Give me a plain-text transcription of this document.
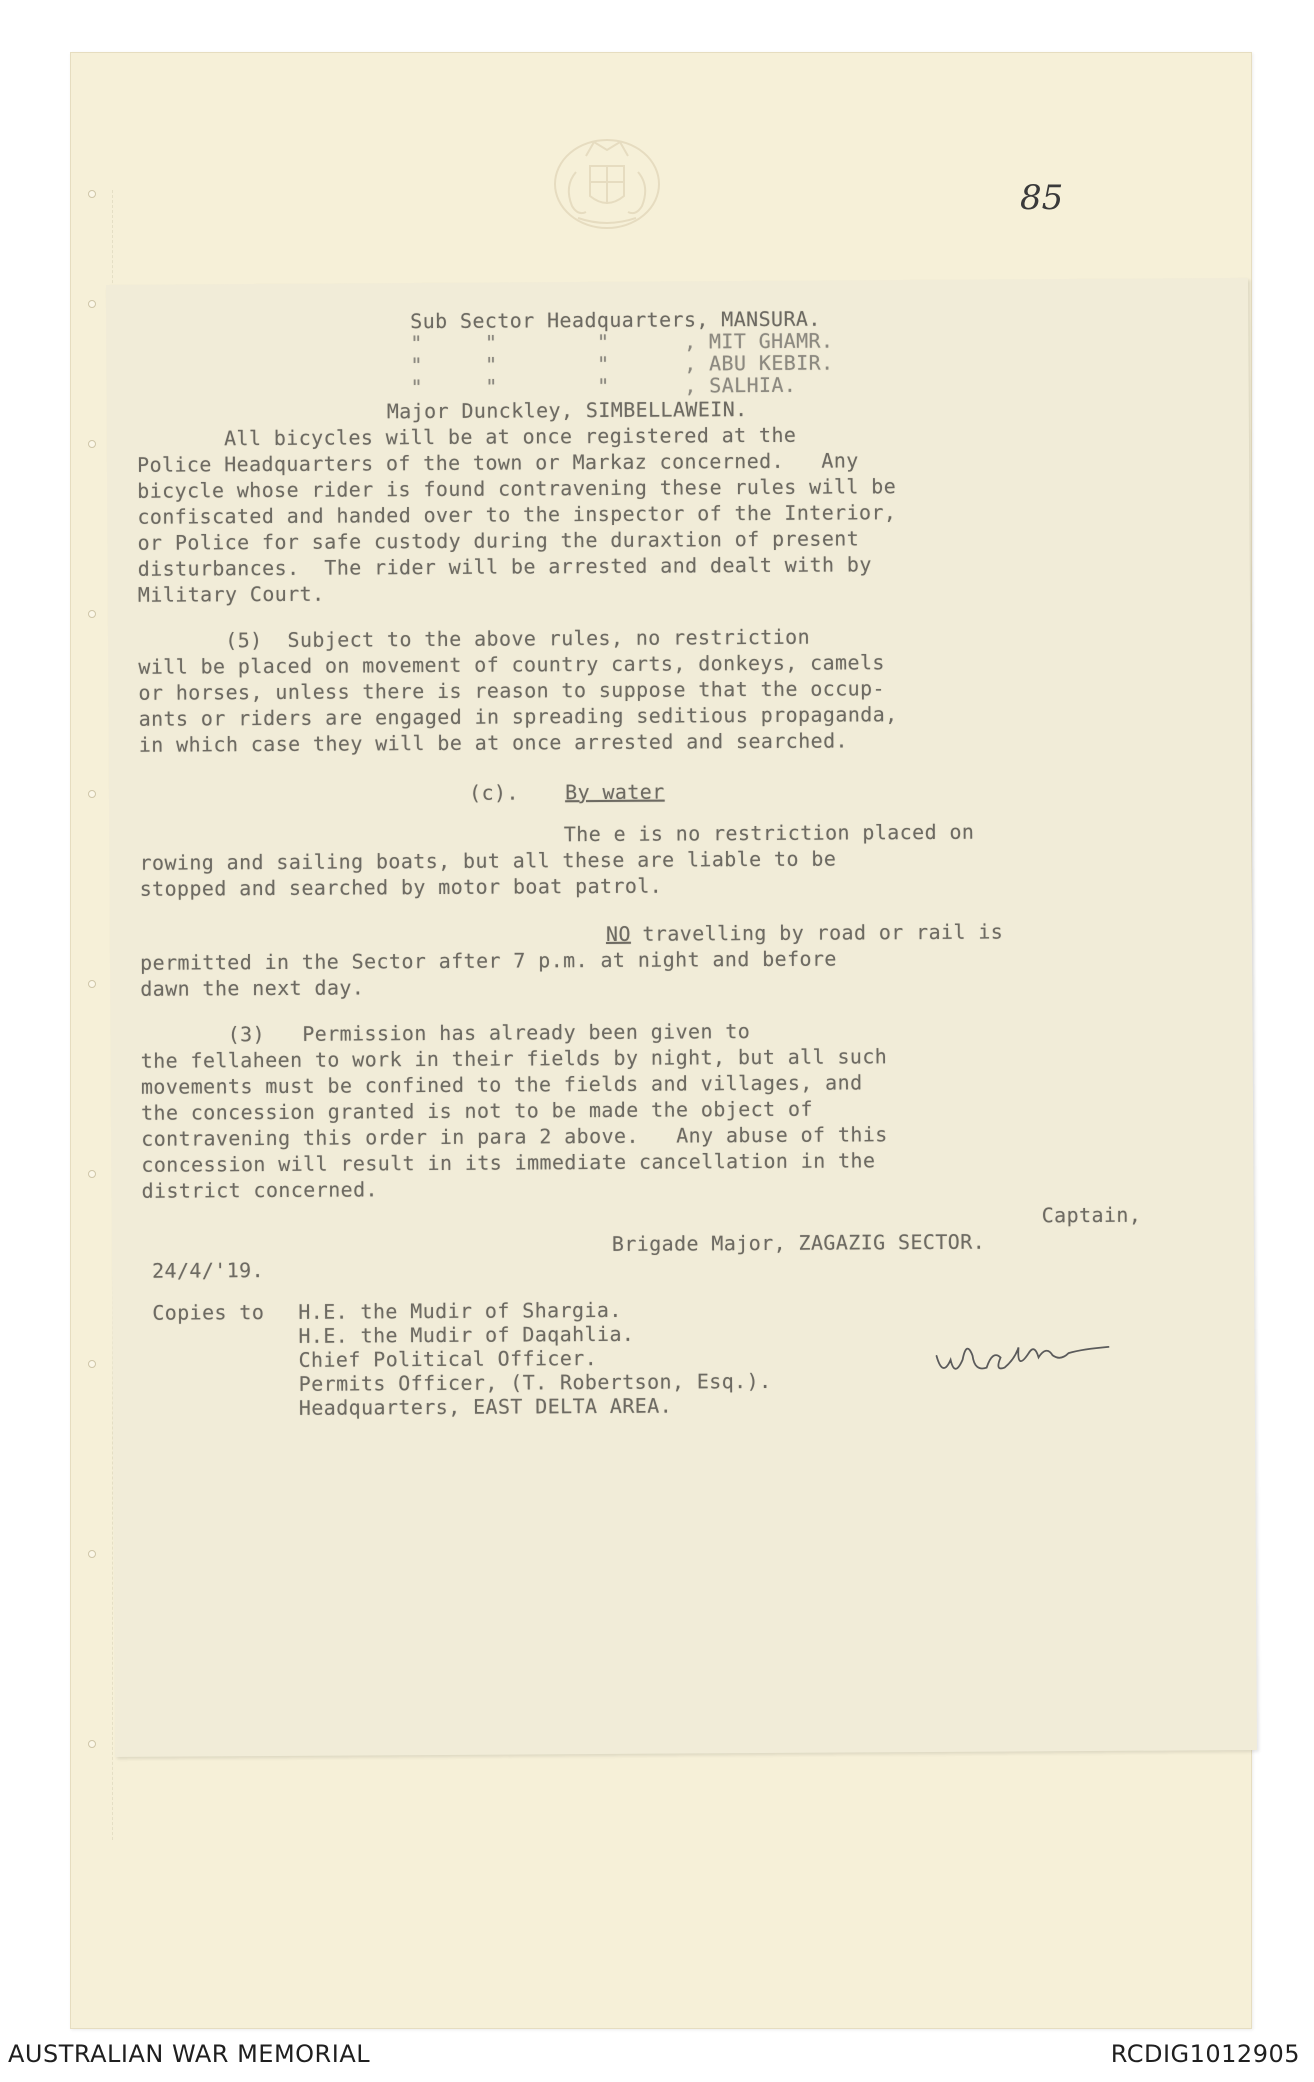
85
Sub Sector Headquarters, MANSURA.
"     "        "      , MIT GHAMR.
"     "        "      , ABU KEBIR.
"     "        "      , SALHIA.
Major Dunckley, SIMBELLAWEIN.
All bicycles will be at once registered at the
Police Headquarters of the town or Markaz concerned.   Any
bicycle whose rider is found contravening these rules will be
confiscated and handed over to the inspector of the Interior,
or Police for safe custody during the duraxtion of present
disturbances.  The rider will be arrested and dealt with by
Military Court.
(5)  Subject to the above rules, no restriction
will be placed on movement of country carts, donkeys, camels
or horses, unless there is reason to suppose that the occup-
ants or riders are engaged in spreading seditious propaganda,
in which case they will be at once arrested and searched.
(c). By water
The e is no restriction placed on
rowing and sailing boats, but all these are liable to be
stopped and searched by motor boat patrol.
NO
travelling by road or rail is
permitted in the Sector after 7 p.m. at night and before
dawn the next day.
(3)   Permission has already been given to
the fellaheen to work in their fields by night, but all such
movements must be confined to the fields and villages, and
the concession granted is not to be made the object of
contravening this order in para 2 above.   Any abuse of this
concession will result in its immediate cancellation in the
district concerned.
Captain,
Brigade Major, ZAGAZIG SECTOR.
24/4/'19.
Copies to H.E. the Mudir of Shargia.
H.E. the Mudir of Daqahlia.
Chief Political Officer.
Permits Officer, (T. Robertson, Esq.).
Headquarters, EAST DELTA AREA.
AUSTRALIAN WAR MEMORIAL	RCDIG1012905
